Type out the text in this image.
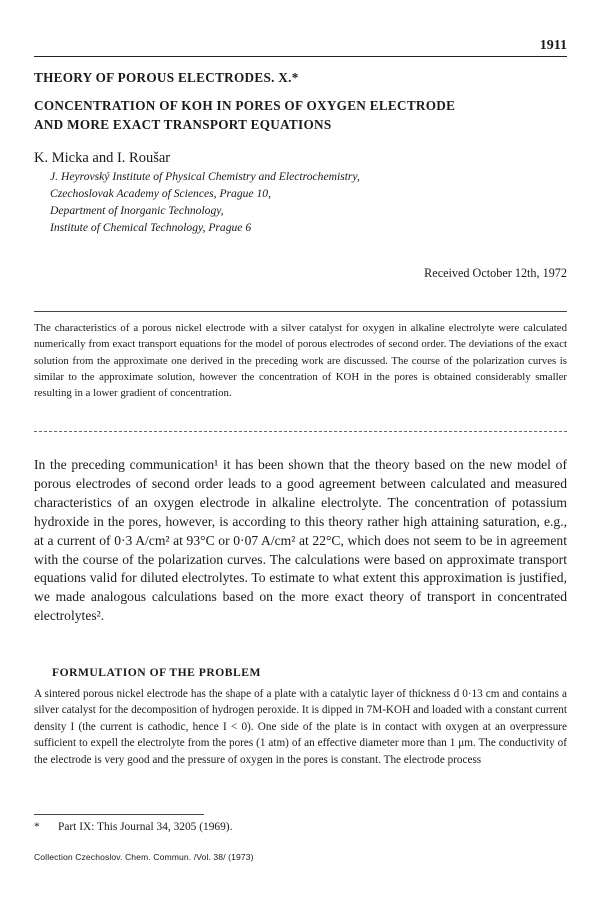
1911
THEORY OF POROUS ELECTRODES. X.*
CONCENTRATION OF KOH IN PORES OF OXYGEN ELECTRODE
AND MORE EXACT TRANSPORT EQUATIONS
K. Micka and I. Roušar
J. Heyrovský Institute of Physical Chemistry and Electrochemistry,
Czechoslovak Academy of Sciences, Prague 10,
Department of Inorganic Technology,
Institute of Chemical Technology, Prague 6
Received October 12th, 1972

The characteristics of a porous nickel electrode with a silver catalyst for oxygen in alkaline electrolyte were calculated numerically from exact transport equations for the model of porous electrodes of second order. The deviations of the exact solution from the approximate one derived in the preceding work are discussed. The course of the polarization curves is similar to the approximate solution, however the concentration of KOH in the pores is obtained considerably smaller resulting in a lower gradient of concentration.

In the preceding communication¹ it has been shown that the theory based on the new model of porous electrodes of second order leads to a good agreement between calculated and measured characteristics of an oxygen electrode in alkaline electrolyte. The concentration of potassium hydroxide in the pores, however, is according to this theory rather high attaining saturation, e.g., at a current of 0·3 A/cm² at 93°C or 0·07 A/cm² at 22°C, which does not seem to be in agreement with the course of the polarization curves. The calculations were based on approximate transport equations valid for diluted electrolytes. To estimate to what extent this approximation is justified, we made analogous calculations based on the more exact theory of transport in concentrated electrolytes².

FORMULATION OF THE PROBLEM

A sintered porous nickel electrode has the shape of a plate with a catalytic layer of thickness d 0·13 cm and contains a silver catalyst for the decomposition of hydrogen peroxide. It is dipped in 7M-KOH and loaded with a constant current density I (the current is cathodic, hence I < 0). One side of the plate is in contact with oxygen at an overpressure sufficient to expell the electrolyte from the pores (1 atm) of an effective diameter more than 1 μm. The conductivity of the electrode is very good and the pressure of oxygen in the pores is constant. The electrode process

* Part IX: This Journal 34, 3205 (1969).
Collection Czechoslov. Chem. Commun. /Vol. 38/ (1973)
